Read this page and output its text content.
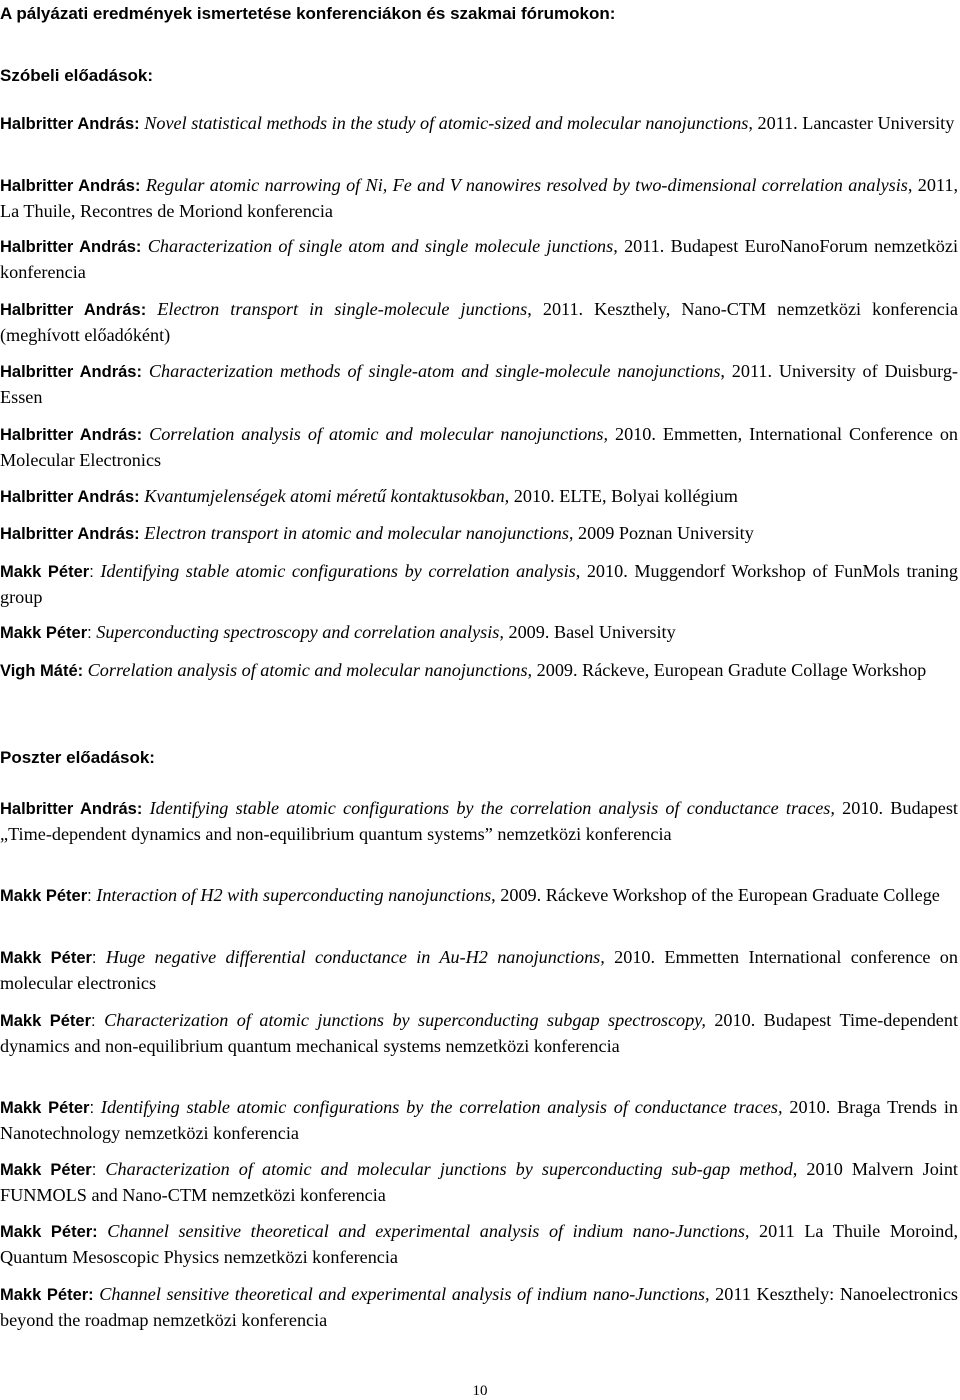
A pályázati eredmények ismertetése konferenciákon és szakmai fórumokon:
Szóbeli előadások:

Halbritter András: Novel statistical methods in the study of atomic-sized and molecular nanojunctions, 2011. Lancaster University

Halbritter András: Regular atomic narrowing of Ni, Fe and V nanowires resolved by two-dimensional correlation analysis, 2011, La Thuile, Recontres de Moriond konferencia

Halbritter András: Characterization of single atom and single molecule junctions, 2011. Budapest EuroNanoForum nemzetközi konferencia

Halbritter András: Electron transport in single-molecule junctions, 2011. Keszthely, Nano-CTM nemzetközi konferencia (meghívott előadóként)

Halbritter András: Characterization methods of single-atom and single-molecule nanojunctions, 2011. University of Duisburg-Essen

Halbritter András: Correlation analysis of atomic and molecular nanojunctions, 2010. Emmetten, International Conference on Molecular Electronics

Halbritter András: Kvantumjelenségek atomi méretű kontaktusokban, 2010. ELTE, Bolyai kollégium

Halbritter András: Electron transport in atomic and molecular nanojunctions, 2009 Poznan University

Makk Péter: Identifying stable atomic configurations by correlation analysis, 2010. Muggendorf Workshop of FunMols traning group

Makk Péter: Superconducting spectroscopy and correlation analysis, 2009. Basel University

Vigh Máté: Correlation analysis of atomic and molecular nanojunctions, 2009. Ráckeve, European Gradute Collage Workshop

Poszter előadások:

Halbritter András: Identifying stable atomic configurations by the correlation analysis of conductance traces, 2010. Budapest „Time-dependent dynamics and non-equilibrium quantum systems” nemzetközi konferencia

Makk Péter: Interaction of H2 with superconducting nanojunctions, 2009. Ráckeve Workshop of the European Graduate College

Makk Péter: Huge negative differential conductance in Au-H2 nanojunctions, 2010. Emmetten International conference on molecular electronics

Makk Péter: Characterization of atomic junctions by superconducting subgap spectroscopy, 2010. Budapest Time-dependent dynamics and non-equilibrium quantum mechanical systems nemzetközi konferencia

Makk Péter: Identifying stable atomic configurations by the correlation analysis of conductance traces, 2010. Braga Trends in Nanotechnology nemzetközi konferencia

Makk Péter: Characterization of atomic and molecular junctions by superconducting sub-gap method, 2010 Malvern Joint FUNMOLS and Nano-CTM nemzetközi konferencia

Makk Péter: Channel sensitive theoretical and experimental analysis of indium nano-Junctions, 2011 La Thuile Moroind, Quantum Mesoscopic Physics nemzetközi konferencia

Makk Péter: Channel sensitive theoretical and experimental analysis of indium nano-Junctions, 2011 Keszthely: Nanoelectronics beyond the roadmap nemzetközi konferencia

10
